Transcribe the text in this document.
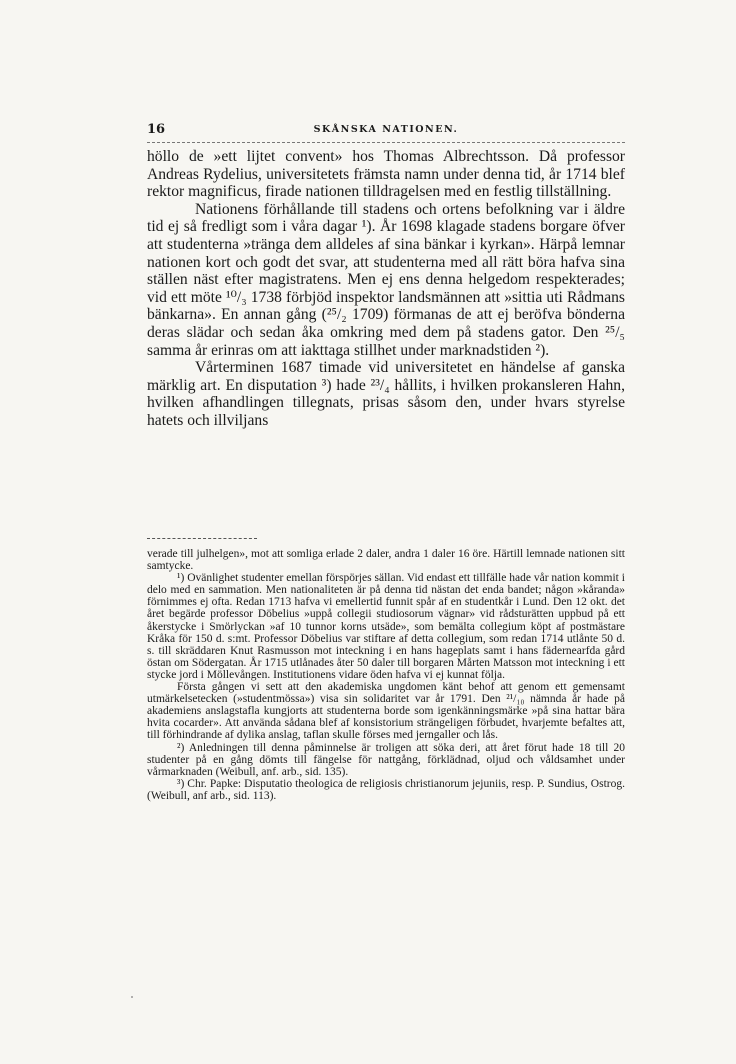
16	SKÅNSKA NATIONEN.

höllo de »ett lijtet convent» hos Thomas Albrechtsson. Då professor Andreas Rydelius, universitetets främsta namn under denna tid, år 1714 blef rektor magnificus, firade nationen tilldragelsen med en festlig tillställning.

Nationens förhållande till stadens och ortens befolkning var i äldre tid ej så fredligt som i våra dagar ¹). År 1698 klagade stadens borgare öfver att studenterna »tränga dem alldeles af sina bänkar i kyrkan». Härpå lemnar nationen kort och godt det svar, att studenterna med all rätt böra hafva sina ställen näst efter magistratens. Men ej ens denna helgedom respekterades; vid ett möte ¹⁰/₃ 1738 förbjöd inspektor landsmännen att »sittia uti Rådmans bänkarna». En annan gång (²⁵/₂ 1709) förmanas de att ej beröfva bönderna deras slädar och sedan åka omkring med dem på stadens gator. Den ²⁵/₅ samma år erinras om att iakttaga stillhet under marknadstiden ²).

Vårterminen 1687 timade vid universitetet en händelse af ganska märklig art. En disputation ³) hade ²³/₄ hållits, i hvilken prokansleren Hahn, hvilken afhandlingen tillegnats, prisas såsom den, under hvars styrelse hatets och illviljans

verade till julhelgen», mot att somliga erlade 2 daler, andra 1 daler 16 öre. Härtill lemnade nationen sitt samtycke.

¹) Ovänlighet studenter emellan förspörjes sällan. Vid endast ett tillfälle hade vår nation kommit i delo med en sammation. Men nationaliteten är på denna tid nästan det enda bandet; någon »kåranda» förnimmes ej ofta. Redan 1713 hafva vi emellertid funnit spår af en studentkår i Lund. Den 12 okt. det året begärde professor Döbelius »uppå collegii studiosorum vägnar» vid rådsturätten uppbud på ett åkerstycke i Smörlyckan »af 10 tunnor korns utsäde», som bemälta collegium köpt af postmästare Kråka för 150 d. s:mt. Professor Döbelius var stiftare af detta collegium, som redan 1714 utlånte 50 d. s. till skräddaren Knut Rasmusson mot inteckning i en hans hageplats samt i hans fädernearfda gård östan om Södergatan. År 1715 utlånades åter 50 daler till borgaren Mårten Matsson mot inteckning i ett stycke jord i Möllevången. Institutionens vidare öden hafva vi ej kunnat följa.

Första gången vi sett att den akademiska ungdomen känt behof att genom ett gemensamt utmärkelsetecken (»studentmössa») visa sin solidaritet var år 1791. Den ²¹/₁₀ nämnda år hade på akademiens anslagstafla kungjorts att studenterna borde som igenkänningsmärke »på sina hattar bära hvita cocarder». Att använda sådana blef af konsistorium strängeligen förbudet, hvarjemte befaltes att, till förhindrande af dylika anslag, taflan skulle förses med jerngaller och lås.

²) Anledningen till denna påminnelse är troligen att söka deri, att året förut hade 18 till 20 studenter på en gång dömts till fängelse för nattgång, förklädnad, oljud och våldsamhet under vårmarknaden (Weibull, anf. arb., sid. 135).

³) Chr. Papke: Disputatio theologica de religiosis christianorum jejuniis, resp. P. Sundius, Ostrog. (Weibull, anf arb., sid. 113).
